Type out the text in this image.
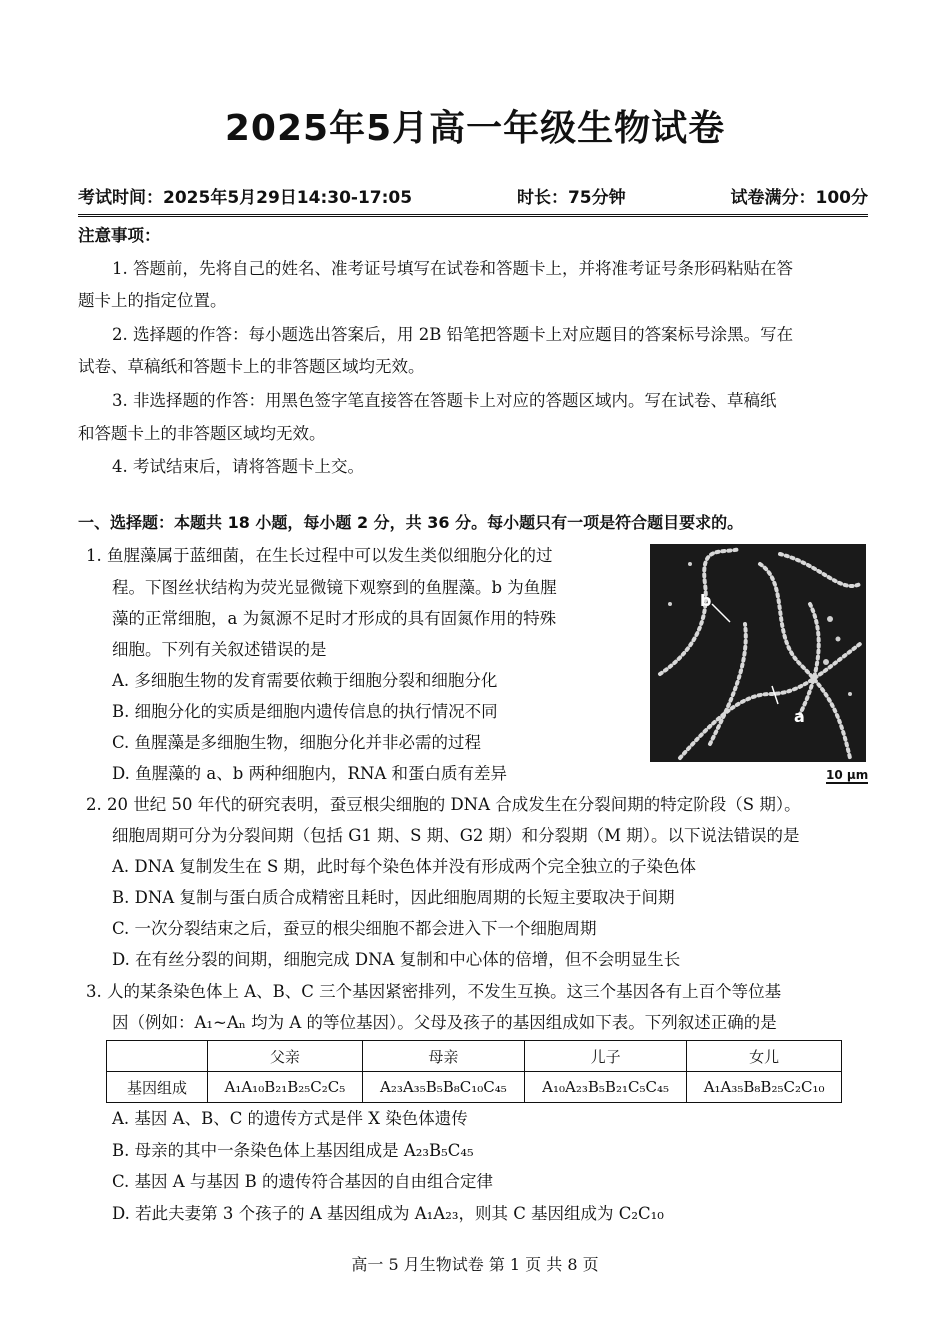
2025年5月高一年级生物试卷
考试时间：2025年5月29日14:30-17:05	时长：75分钟	试卷满分：100分
注意事项：
1. 答题前，先将自己的姓名、准考证号填写在试卷和答题卡上，并将准考证号条形码粘贴在答
题卡上的指定位置。
2. 选择题的作答：每小题选出答案后，用 2B 铅笔把答题卡上对应题目的答案标号涂黑。写在
试卷、草稿纸和答题卡上的非答题区域均无效。
3. 非选择题的作答：用黑色签字笔直接答在答题卡上对应的答题区域内。写在试卷、草稿纸
和答题卡上的非答题区域均无效。
4. 考试结束后，请将答题卡上交。
一、选择题：本题共 18 小题，每小题 2 分，共 36 分。每小题只有一项是符合题目要求的。
1. 鱼腥藻属于蓝细菌，在生长过程中可以发生类似细胞分化的过
程。下图丝状结构为荧光显微镜下观察到的鱼腥藻。b 为鱼腥
藻的正常细胞，a 为氮源不足时才形成的具有固氮作用的特殊
细胞。下列有关叙述错误的是
A. 多细胞生物的发育需要依赖于细胞分裂和细胞分化
B. 细胞分化的实质是细胞内遗传信息的执行情况不同
C. 鱼腥藻是多细胞生物，细胞分化并非必需的过程
D. 鱼腥藻的 a、b 两种细胞内，RNA 和蛋白质有差异
b
a
10 μm
2. 20 世纪 50 年代的研究表明，蚕豆根尖细胞的 DNA 合成发生在分裂间期的特定阶段（S 期）。
细胞周期可分为分裂间期（包括 G1 期、S 期、G2 期）和分裂期（M 期）。以下说法错误的是
A. DNA 复制发生在 S 期，此时每个染色体并没有形成两个完全独立的子染色体
B. DNA 复制与蛋白质合成精密且耗时，因此细胞周期的长短主要取决于间期
C. 一次分裂结束之后，蚕豆的根尖细胞不都会进入下一个细胞周期
D. 在有丝分裂的间期，细胞完成 DNA 复制和中心体的倍增，但不会明显生长
3. 人的某条染色体上 A、B、C 三个基因紧密排列，不发生互换。这三个基因各有上百个等位基
因（例如：A₁~Aₙ 均为 A 的等位基因）。父母及孩子的基因组成如下表。下列叙述正确的是
	父亲	母亲	儿子	女儿
基因组成	A₁A₁₀B₂₁B₂₅C₂C₅	A₂₃A₃₅B₅B₈C₁₀C₄₅	A₁₀A₂₃B₅B₂₁C₅C₄₅	A₁A₃₅B₈B₂₅C₂C₁₀
A. 基因 A、B、C 的遗传方式是伴 X 染色体遗传
B. 母亲的其中一条染色体上基因组成是 A₂₃B₅C₄₅
C. 基因 A 与基因 B 的遗传符合基因的自由组合定律
D. 若此夫妻第 3 个孩子的 A 基因组成为 A₁A₂₃，则其 C 基因组成为 C₂C₁₀
高一 5 月生物试卷 第 1 页 共 8 页
